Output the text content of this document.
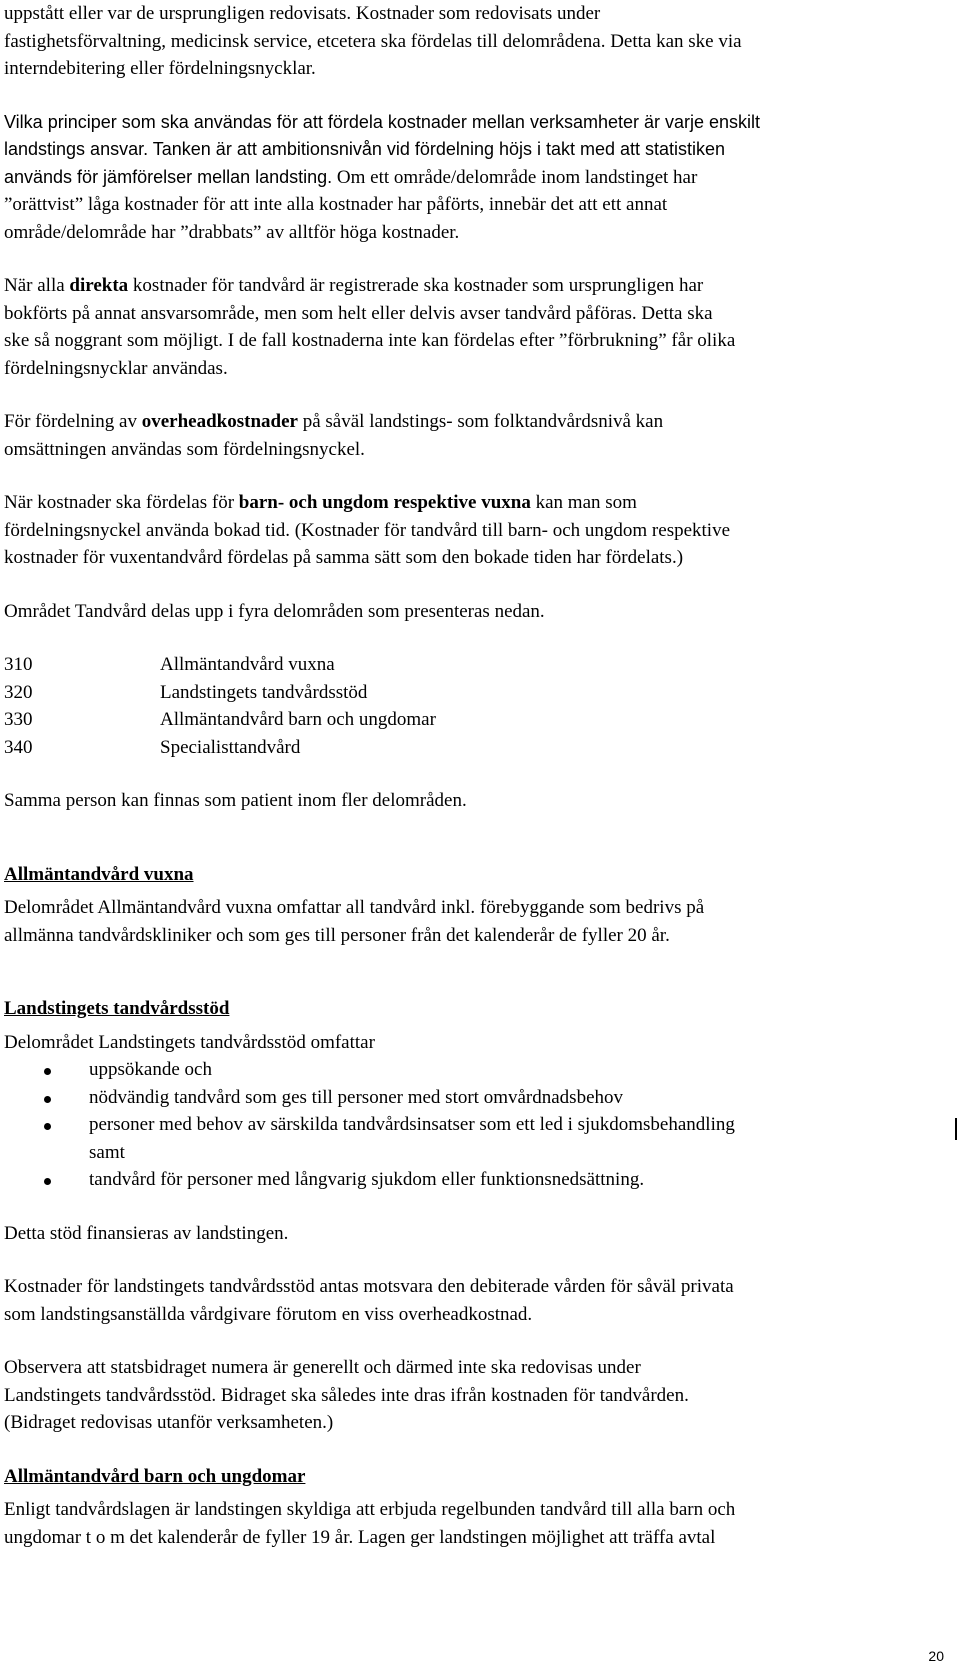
uppstått eller var de ursprungligen redovisats. Kostnader som redovisats under
fastighetsförvaltning, medicinsk service, etcetera ska fördelas till delområdena. Detta kan ske via
interndebitering eller fördelningsnycklar.

Vilka principer som ska användas för att fördela kostnader mellan verksamheter är varje enskilt
landstings ansvar. Tanken är att ambitionsnivån vid fördelning höjs i takt med att statistiken
används för jämförelser mellan landsting. Om ett område/delområde inom landstinget har
”orättvist” låga kostnader för att inte alla kostnader har påförts, innebär det att ett annat
område/delområde har ”drabbats” av alltför höga kostnader.

När alla direkta kostnader för tandvård är registrerade ska kostnader som ursprungligen har
bokförts på annat ansvarsområde, men som helt eller delvis avser tandvård påföras. Detta ska
ske så noggrant som möjligt. I de fall kostnaderna inte kan fördelas efter ”förbrukning” får olika
fördelningsnycklar användas.

För fördelning av overheadkostnader på såväl landstings- som folktandvårdsnivå kan
omsättningen användas som fördelningsnyckel.

När kostnader ska fördelas för barn- och ungdom respektive vuxna kan man som
fördelningsnyckel använda bokad tid. (Kostnader för tandvård till barn- och ungdom respektive
kostnader för vuxentandvård fördelas på samma sätt som den bokade tiden har fördelats.)

Området Tandvård delas upp i fyra delområden som presenteras nedan.

310	Allmäntandvård vuxna
320	Landstingets tandvårdsstöd
330	Allmäntandvård barn och ungdomar
340	Specialisttandvård

Samma person kan finnas som patient inom fler delområden.

Allmäntandvård vuxna

Delområdet Allmäntandvård vuxna omfattar all tandvård inkl. förebyggande som bedrivs på
allmänna tandvårdskliniker och som ges till personer från det kalenderår de fyller 20 år.

Landstingets tandvårdsstöd

Delområdet Landstingets tandvårdsstöd omfattar

uppsökande och
nödvändig tandvård som ges till personer med stort omvårdnadsbehov
personer med behov av särskilda tandvårdsinsatser som ett led i sjukdomsbehandling
samt
tandvård för personer med långvarig sjukdom eller funktionsnedsättning.

Detta stöd finansieras av landstingen.

Kostnader för landstingets tandvårdsstöd antas motsvara den debiterade vården för såväl privata
som landstingsanställda vårdgivare förutom en viss overheadkostnad.

Observera att statsbidraget numera är generellt och därmed inte ska redovisas under
Landstingets tandvårdsstöd. Bidraget ska således inte dras ifrån kostnaden för tandvården.
(Bidraget redovisas utanför verksamheten.)

Allmäntandvård barn och ungdomar

Enligt tandvårdslagen är landstingen skyldiga att erbjuda regelbunden tandvård till alla barn och
ungdomar t o m det kalenderår de fyller 19 år. Lagen ger landstingen möjlighet att träffa avtal

20
